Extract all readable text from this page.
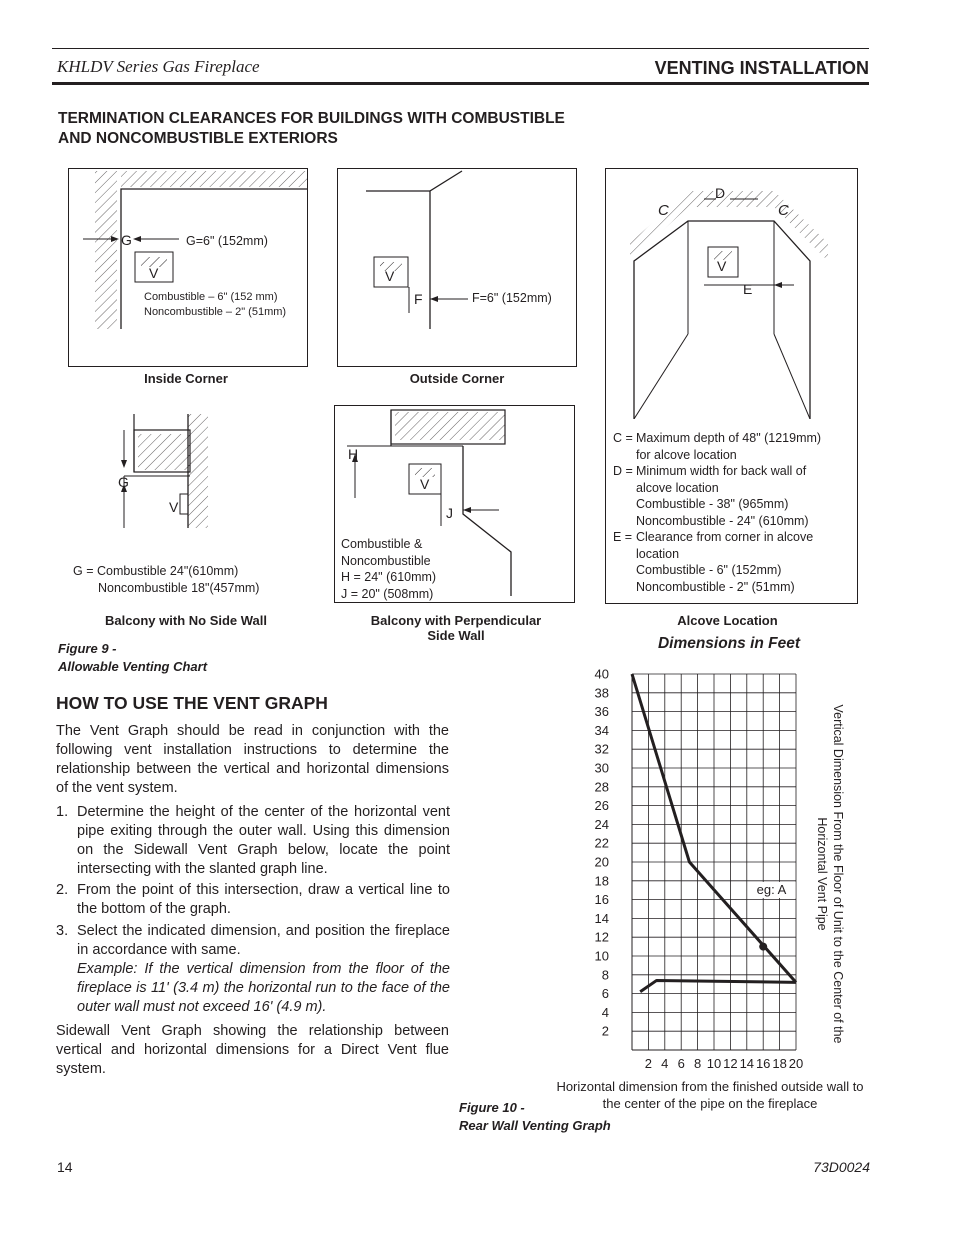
KHLDV Series Gas Fireplace	VENTING INSTALLATION
TERMINATION CLEARANCES FOR BUILDINGS WITH COMBUSTIBLE
AND NONCOMBUSTIBLE EXTERIORS
G
V
G=6" (152mm)
Combustible – 6" (152 mm)
Noncombustible – 2" (51mm)
Inside Corner
V
F	F=6" (152mm)
Outside Corner
C
D
C
V
E
C = Maximum depth of 48" (1219mm)
for alcove location
D = Minimum width for back wall of
alcove location
Combustible - 38" (965mm)
Noncombustible - 24" (610mm)
E = Clearance from corner in alcove
location
Combustible - 6" (152mm)
Noncombustible - 2" (51mm)
Alcove Location
G
V
G = Combustible 24"(610mm)
Noncombustible 18"(457mm)
Balcony with No Side Wall
H
V
J
Combustible &
Noncombustible
H = 24" (610mm)
J = 20" (508mm)
Balcony with Perpendicular
Side Wall
Figure 9 -
Allowable Venting Chart
HOW TO USE THE VENT GRAPH
The Vent Graph should be read in conjunction with the following vent installation instructions to determine the relationship between the vertical and horizontal dimensions of the vent system.
1. Determine the height of the center of the horizontal vent pipe exiting through the outer wall. Using this dimension on the Sidewall Vent Graph below, locate the point intersecting with the slanted graph line.
2. From the point of this intersection, draw a vertical line to the bottom of the graph.
3. Select the indicated dimension, and position the fireplace in accordance with same.
Example: If the vertical dimension from the floor of the fireplace is 11' (3.4 m) the horizontal run to the face of the outer wall must not exceed 16' (4.9 m).
Sidewall Vent Graph showing the relationship between vertical and horizontal dimensions for a Direct Vent flue system.
Dimensions in Feet
2
4
6
8
10
12
14
16
18
20
22
24
26
28
30
32
34
36
38
40
2 4 6 8 10 12 14 16 18 20
eg: A	Vertical Dimension From the Floor of Unit to the Center of the Horizontal Vent Pipe
Horizontal dimension from the finished outside wall to the center of the pipe on the fireplace
Figure 10 -
Rear Wall Venting Graph
14	73D0024
